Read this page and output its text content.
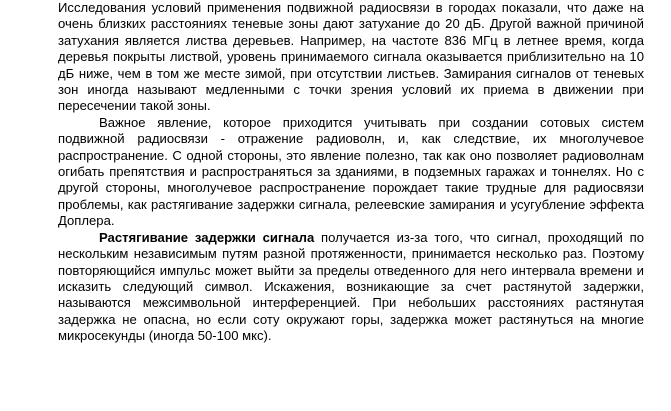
Исследования условий применения подвижной радиосвязи в городах показали, что даже на очень близких расстояниях теневые зоны дают затухание до 20 дБ. Другой важной причиной затухания является листва деревьев. Например, на частоте 836 МГц в летнее время, когда деревья покрыты листвой, уровень принимаемого сигнала оказывается приблизительно на 10 дБ ниже, чем в том же месте зимой, при отсутствии листьев. Замирания сигналов от теневых зон иногда называют медленными с точки зрения условий их приема в движении при пересечении такой зоны.

Важное явление, которое приходится учитывать при создании сотовых систем подвижной радиосвязи - отражение радиоволн, и, как следствие, их многолучевое распространение. С одной стороны, это явление полезно, так как оно позволяет радиоволнам огибать препятствия и распространяться за зданиями, в подземных гаражах и тоннелях. Но с другой стороны, многолучевое распространение порождает такие трудные для радиосвязи проблемы, как растягивание задержки сигнала, релеевские замирания и усугубление эффекта Доплера.

Растягивание задержки сигнала получается из-за того, что сигнал, проходящий по нескольким независимым путям разной протяженности, принимается несколько раз. Поэтому повторяющийся импульс может выйти за пределы отведенного для него интервала времени и исказить следующий символ. Искажения, возникающие за счет растянутой задержки, называются межсимвольной интерференцией. При небольших расстояниях растянутая задержка не опасна, но если соту окружают горы, задержка может растянуться на многие микросекунды (иногда 50-100 мкс).
